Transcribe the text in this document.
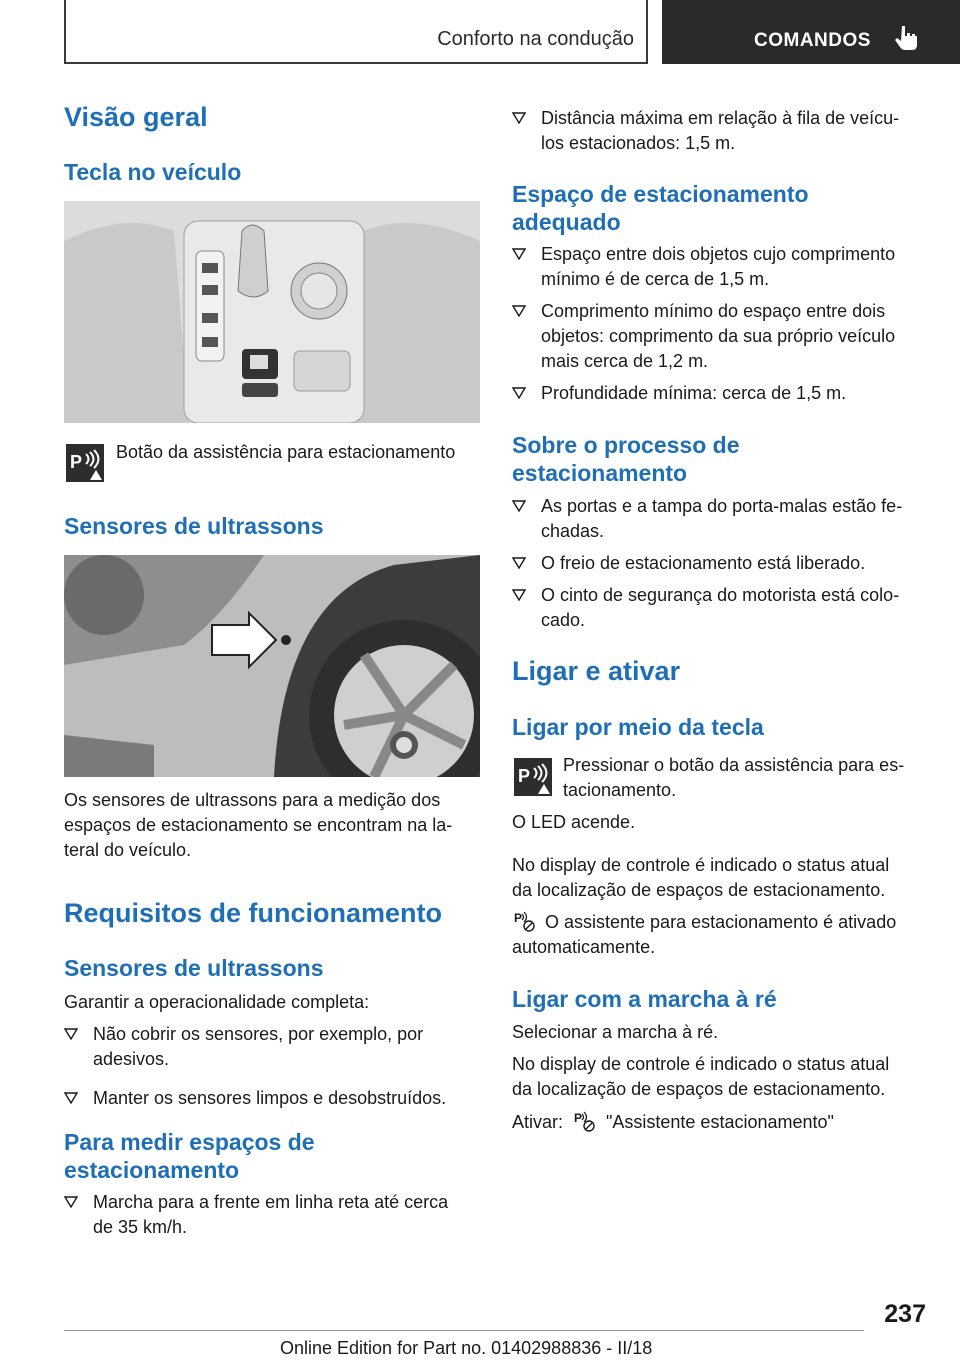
Conforto na condução	COMANDOS
Visão geral
Tecla no veículo
P Botão da assistência para estacionamento
Sensores de ultrassons
Os sensores de ultrassons para a medição dos
espaços de estacionamento se encontram na la‐
teral do veículo.
Requisitos de funcionamento
Sensores de ultrassons
Garantir a operacionalidade completa:
Não cobrir os sensores, por exemplo, por
adesivos.
Manter os sensores limpos e desobstruídos.
Para medir espaços de
estacionamento
Marcha para a frente em linha reta até cerca
de 35 km/h.
Distância máxima em relação à fila de veícu‐
los estacionados: 1,5 m.
Espaço de estacionamento
adequado
Espaço entre dois objetos cujo comprimento
mínimo é de cerca de 1,5 m.
Comprimento mínimo do espaço entre dois
objetos: comprimento da sua próprio veículo
mais cerca de 1,2 m.
Profundidade mínima: cerca de 1,5 m.
Sobre o processo de
estacionamento
As portas e a tampa do porta-malas estão fe‐
chadas.
O freio de estacionamento está liberado.
O cinto de segurança do motorista está colo‐
cado.
Ligar e ativar
Ligar por meio da tecla
P
Pressionar o botão da assistência para es‐
tacionamento.
O LED acende.
No display de controle é indicado o status atual
da localização de espaços de estacionamento.
P O assistente para estacionamento é ativado
automaticamente.
Ligar com a marcha à ré
Selecionar a marcha à ré.
No display de controle é indicado o status atual
da localização de espaços de estacionamento.
Ativar: P "Assistente estacionamento"
237
Online Edition for Part no. 01402988836 - II/18
